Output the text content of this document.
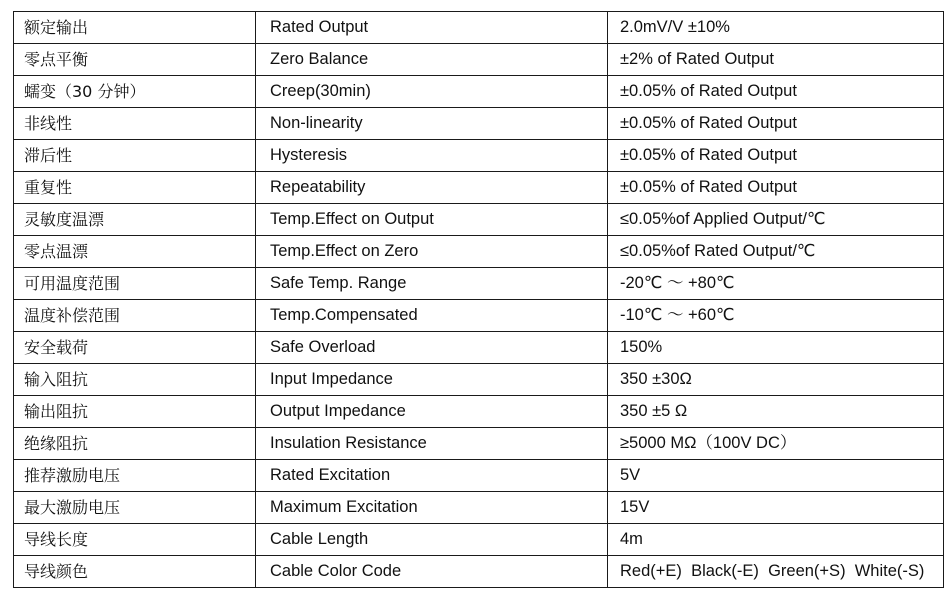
额定输出	Rated Output	2.0mV/V ±10%
零点平衡	Zero Balance	±2% of Rated Output
蠕变（30 分钟）	Creep(30min)	±0.05% of Rated Output
非线性	Non-linearity	±0.05% of Rated Output
滞后性	Hysteresis	±0.05% of Rated Output
重复性	Repeatability	±0.05% of Rated Output
灵敏度温漂	Temp.Effect on Output	≤0.05%of Applied Output/℃
零点温漂	Temp.Effect on Zero	≤0.05%of Rated Output/℃
可用温度范围	Safe Temp. Range	-20℃ ～ +80℃
温度补偿范围	Temp.Compensated	-10℃ ～ +60℃
安全载荷	Safe Overload	150%
输入阻抗	Input Impedance	350 ±30Ω
输出阻抗	Output Impedance	350 ±5 Ω
绝缘阻抗	Insulation Resistance	≥5000 MΩ（100V DC）
推荐激励电压	Rated Excitation	5V
最大激励电压	Maximum Excitation	15V
导线长度	Cable Length	4m
导线颜色	Cable Color Code	Red(+E)  Black(-E)  Green(+S)  White(-S)
